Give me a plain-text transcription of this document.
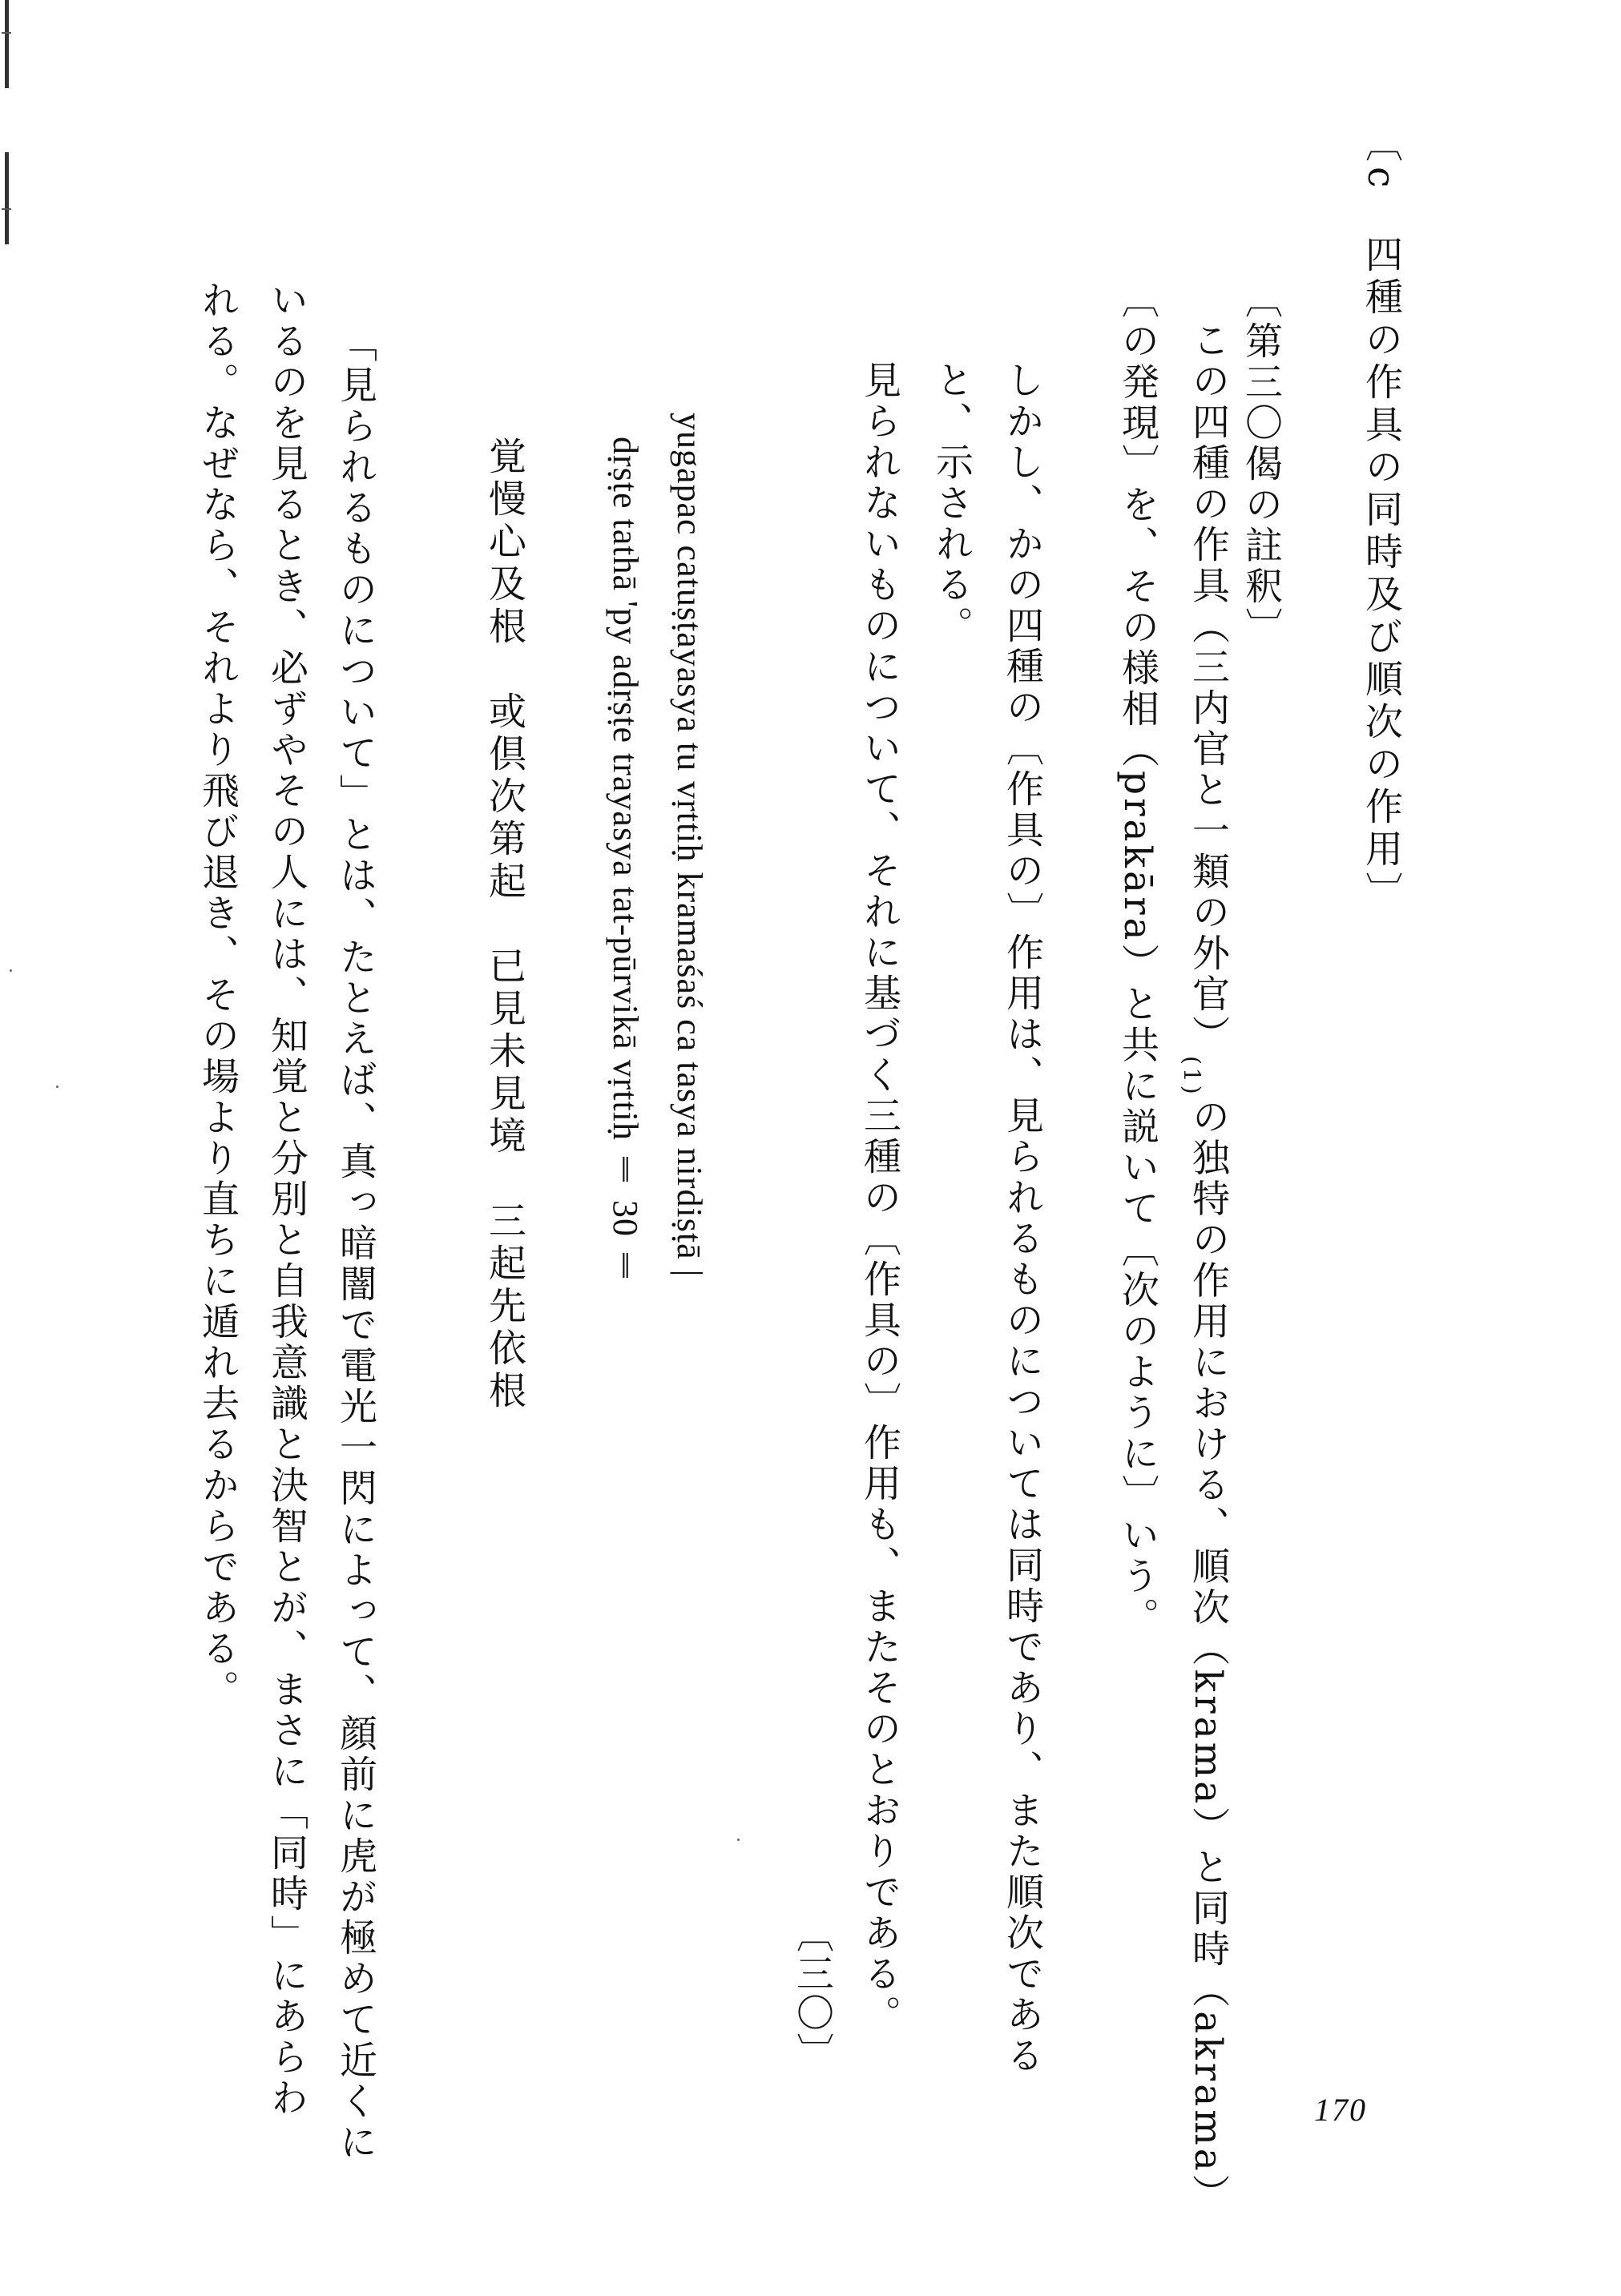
〔c　四種の作具の同時及び順次の作用〕
〔第三〇偈の註釈〕
この四種の作具（三内官と一類の外官）(1)の独特の作用における、順次（krama）と同時（akrama）
〔の発現〕を、その様相（prakāra）と共に説いて〔次のように〕いう。
しかし、かの四種の〔作具の〕作用は、見られるものについては同時であり、また順次である
と、示される。
見られないものについて、それに基づく三種の〔作具の〕作用も、またそのとおりである。
〔三〇〕
yugapac catuṣṭayasya tu vṛttiḥ kramaśaś ca tasya nirdiṣṭā |
dṛṣṭe tathā 'py adṛṣṭe trayasya tat-pūrvikā vṛttiḥ ‖ 30 ‖
覚慢心及根　或倶次第起　已見未見境　三起先依根
「見られるものについて」とは、たとえば、真っ暗闇で電光一閃によって、顔前に虎が極めて近くに
いるのを見るとき、必ずやその人には、知覚と分別と自我意識と決智とが、まさに「同時」にあらわ
れる。なぜなら、それより飛び退き、その場より直ちに遁れ去るからである。
170
